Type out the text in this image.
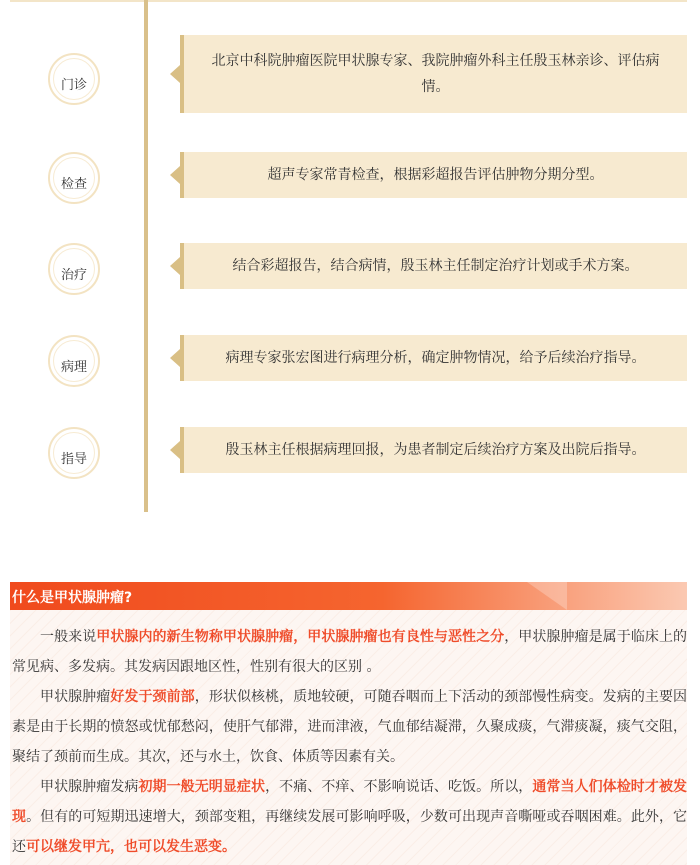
门诊
北京中科院肿瘤医院甲状腺专家、我院肿瘤外科主任殷玉林亲诊、评估病情。
检查
超声专家常青检查，根据彩超报告评估肿物分期分型。
治疗
结合彩超报告，结合病情，殷玉林主任制定治疗计划或手术方案。
病理
病理专家张宏图进行病理分析，确定肿物情况，给予后续治疗指导。
指导
殷玉林主任根据病理回报，为患者制定后续治疗方案及出院后指导。
什么是甲状腺肿瘤?

一般来说甲状腺内的新生物称甲状腺肿瘤，甲状腺肿瘤也有良性与恶性之分，甲状腺肿瘤是属于临床上的常见病、多发病。其发病因跟地区性，性别有很大的区别 。

甲状腺肿瘤好发于颈前部，形状似核桃，质地较硬，可随吞咽而上下活动的颈部慢性病变。发病的主要因素是由于长期的愤怒或忧郁愁闷，使肝气郁滞，进而津液，气血郁结凝滞，久聚成痰，气滞痰凝，痰气交阻，聚结了颈前而生成。其次，还与水土，饮食、体质等因素有关。

甲状腺肿瘤发病初期一般无明显症状，不痛、不痒、不影响说话、吃饭。所以，通常当人们体检时才被发现。但有的可短期迅速增大，颈部变粗，再继续发展可影响呼吸，少数可出现声音嘶哑或吞咽困难。此外，它还可以继发甲亢，也可以发生恶变。
